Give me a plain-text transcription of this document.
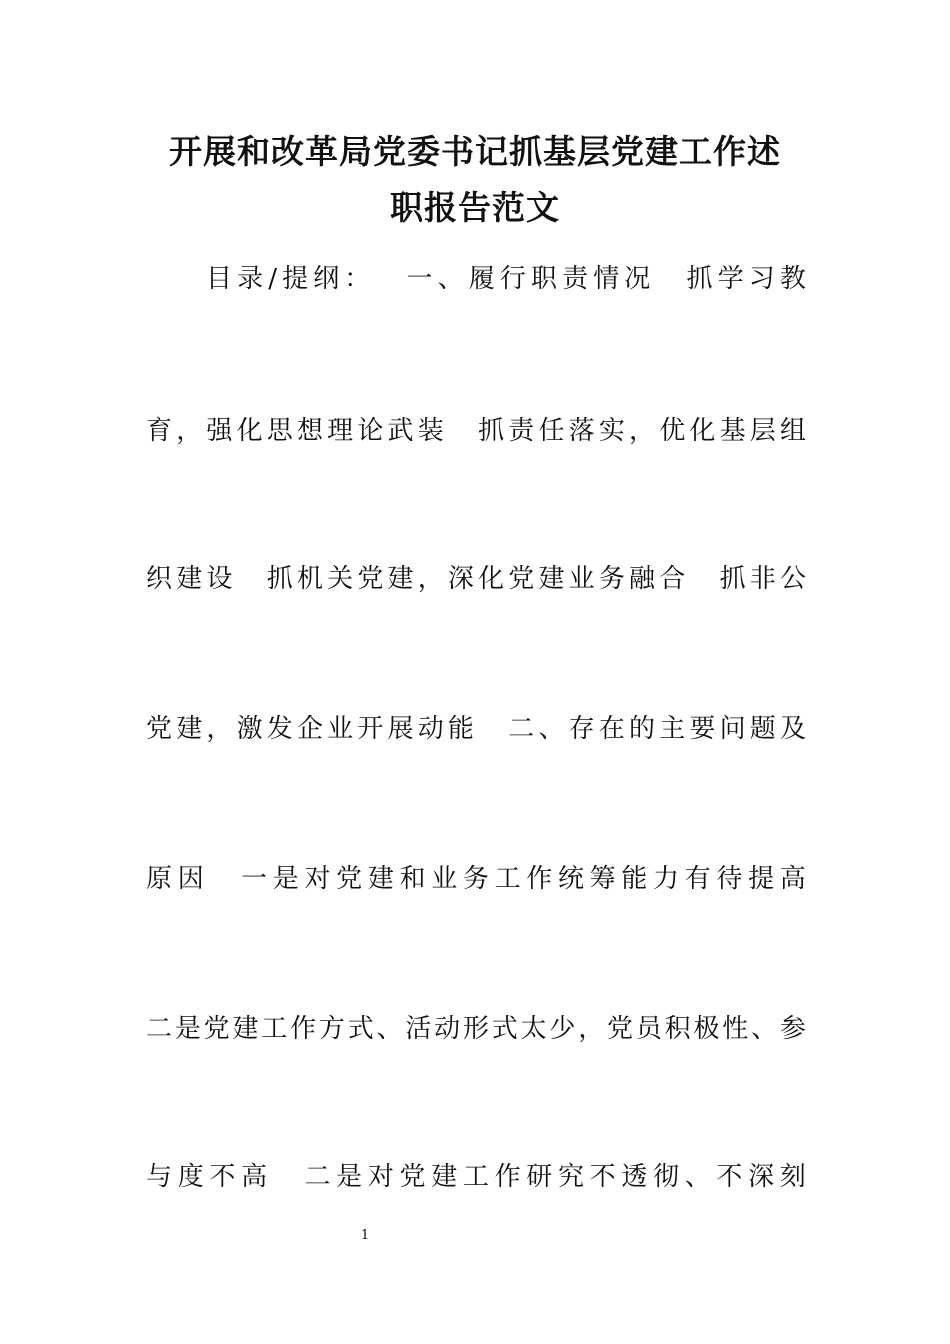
开展和改革局党委书记抓基层党建工作述
职报告范文
目 录 / 提 纲 ：
　 一 、 履 行 职 责 情 况
　 抓 学 习 教
育 ， 强 化 思 想 理 论 武 装
　 抓 责 任 落 实 ， 优 化 基 层 组
织 建 设
　 抓 机 关 党 建 ， 深 化 党 建 业 务 融 合
　 抓 非 公
党 建 ， 激 发 企 业 开 展 动 能
　 二 、 存 在 的 主 要 问 题 及
原 因
　 一 是 对 党 建 和 业 务 工 作 统 筹 能 力 有 待 提 高
二 是 党 建 工 作 方 式 、 活 动 形 式 太 少 ， 党 员 积 极 性 、 参
与 度 不 高
　 二 是 对 党 建 工 作 研 究 不 透 彻 、 不 深 刻
1
